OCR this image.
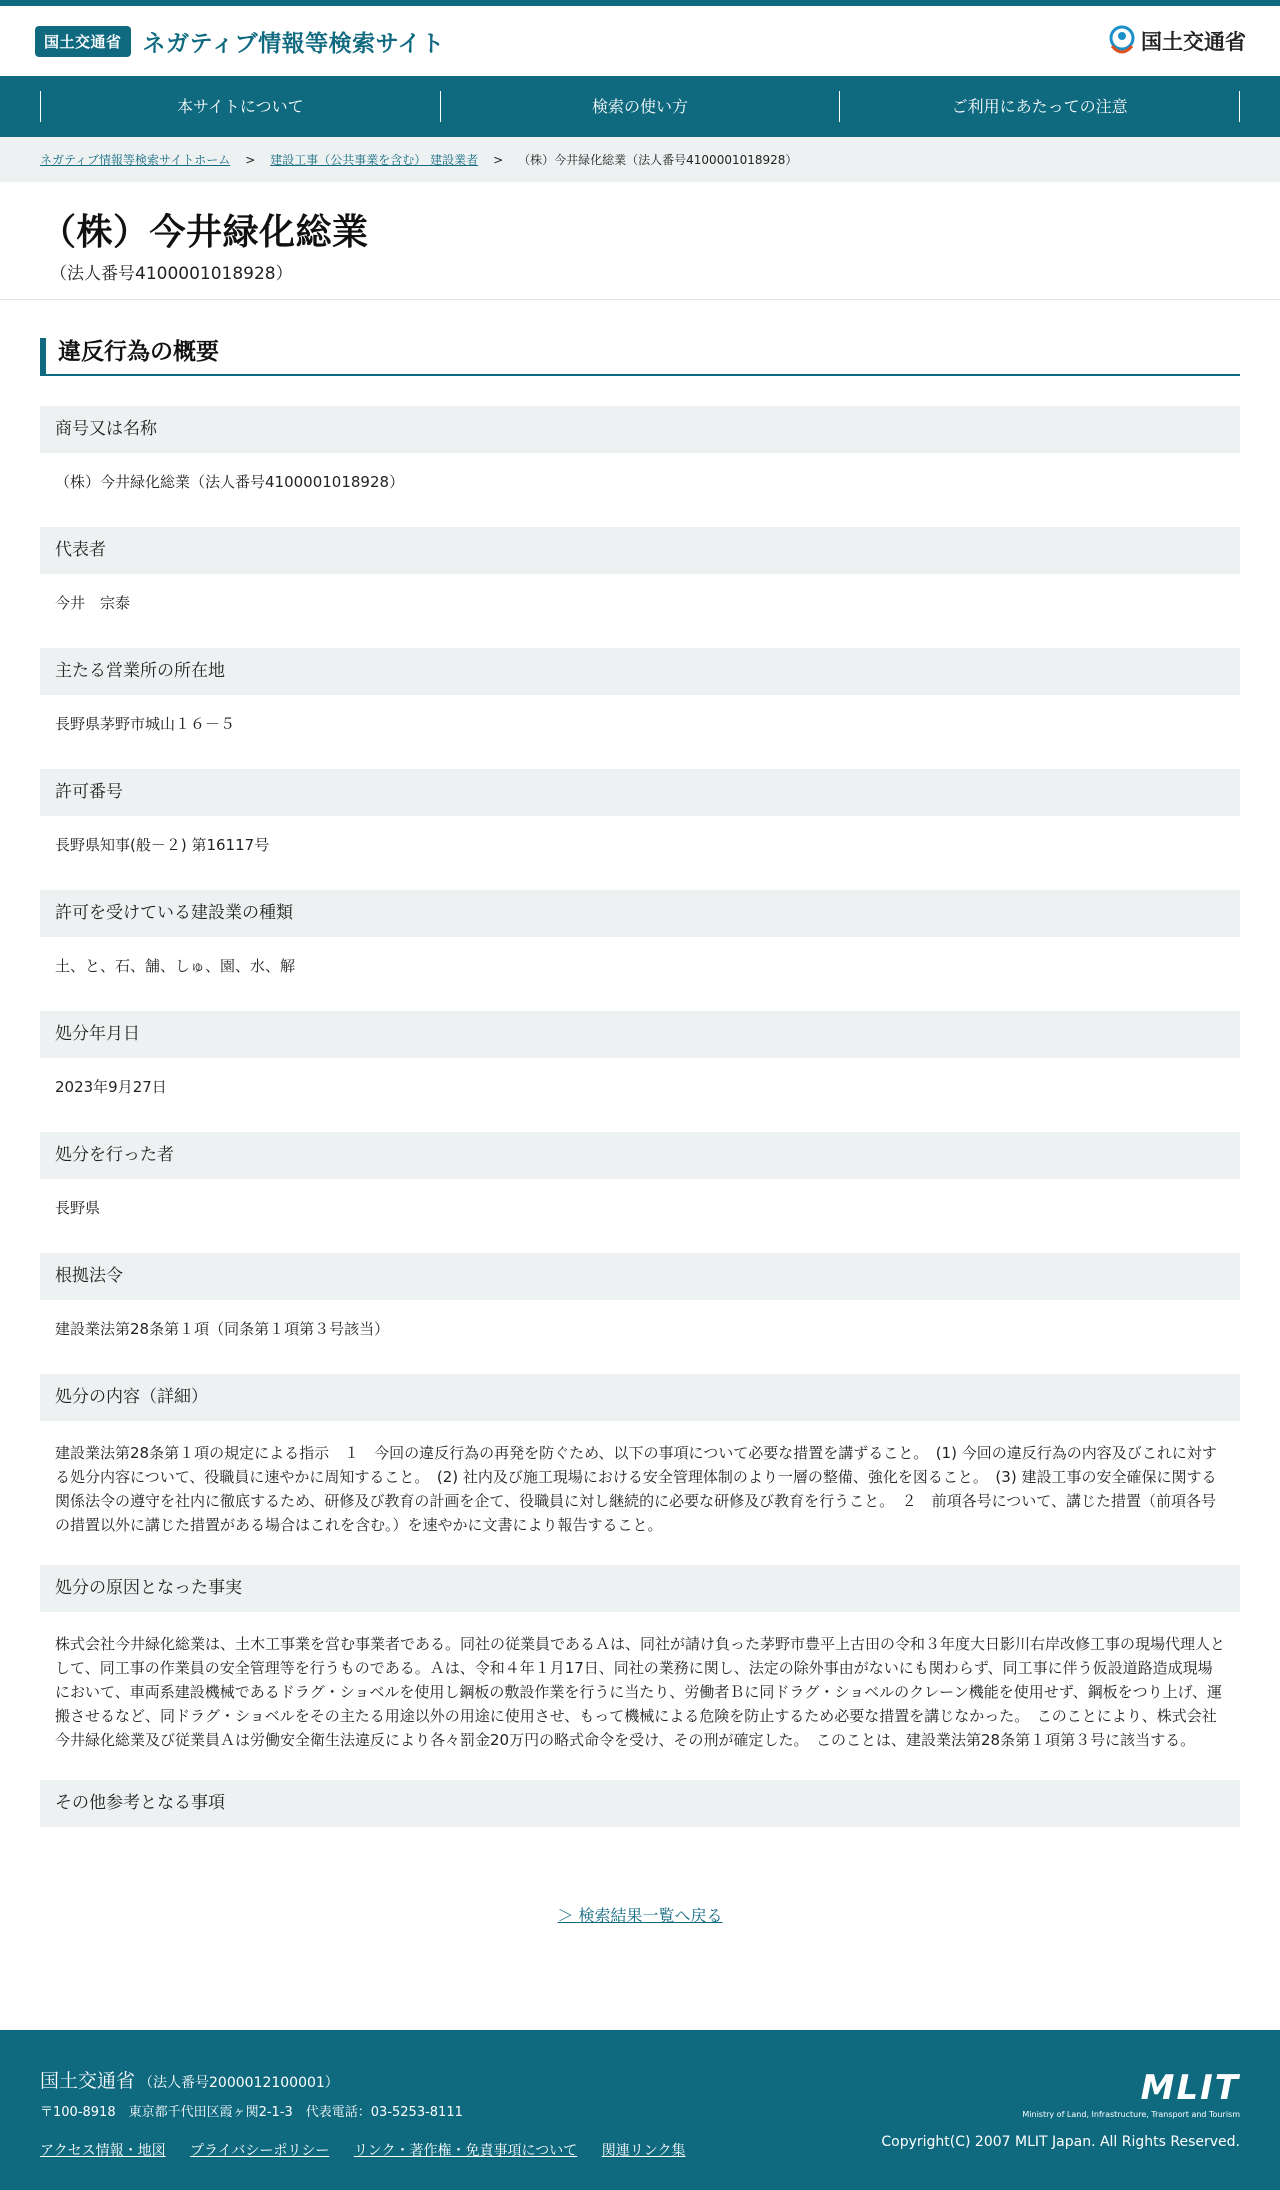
国土交通省 ネガティブ情報等検索サイト	国土交通省
本サイトについて	検索の使い方	ご利用にあたっての注意
ネガティブ情報等検索サイトホーム > 建設工事（公共事業を含む） 建設業者 > （株）今井緑化総業（法人番号4100001018928）
（株）今井緑化総業
（法人番号4100001018928）
違反行為の概要
商号又は名称
（株）今井緑化総業（法人番号4100001018928）
代表者
今井　宗泰
主たる営業所の所在地
長野県茅野市城山１６－５
許可番号
長野県知事(般－２) 第16117号
許可を受けている建設業の種類
土、と、石、舗、しゅ、園、水、解
処分年月日
2023年9月27日
処分を行った者
長野県
根拠法令
建設業法第28条第１項（同条第１項第３号該当）
処分の内容（詳細）
建設業法第28条第１項の規定による指示　１　今回の違反行為の再発を防ぐため、以下の事項について必要な措置を講ずること。　(1) 今回の違反行為の内容及びこれに対する処分内容について、役職員に速やかに周知すること。　(2) 社内及び施工現場における安全管理体制のより一層の整備、強化を図ること。　(3) 建設工事の安全確保に関する関係法令の遵守を社内に徹底するため、研修及び教育の計画を企て、役職員に対し継続的に必要な研修及び教育を行うこと。　２　前項各号について、講じた措置（前項各号の措置以外に講じた措置がある場合はこれを含む。）を速やかに文書により報告すること。
処分の原因となった事実
株式会社今井緑化総業は、土木工事業を営む事業者である。同社の従業員であるＡは、同社が請け負った茅野市豊平上古田の令和３年度大日影川右岸改修工事の現場代理人として、同工事の作業員の安全管理等を行うものである。Ａは、令和４年１月17日、同社の業務に関し、法定の除外事由がないにも関わらず、同工事に伴う仮設道路造成現場において、車両系建設機械であるドラグ・ショベルを使用し鋼板の敷設作業を行うに当たり、労働者Ｂに同ドラグ・ショベルのクレーン機能を使用せず、鋼板をつり上げ、運搬させるなど、同ドラグ・ショベルをその主たる用途以外の用途に使用させ、もって機械による危険を防止するため必要な措置を講じなかった。　このことにより、株式会社今井緑化総業及び従業員Ａは労働安全衛生法違反により各々罰金20万円の略式命令を受け、その刑が確定した。　このことは、建設業法第28条第１項第３号に該当する。
その他参考となる事項
＞ 検索結果一覧へ戻る
国土交通省 （法人番号2000012100001）
〒100-8918　東京都千代田区霞ヶ関2-1-3　代表電話：03-5253-8111
アクセス情報・地図 プライバシーポリシー リンク・著作権・免責事項について 関連リンク集
MLIT
Ministry of Land, Infrastructure, Transport and Tourism
Copyright(C) 2007 MLIT Japan. All Rights Reserved.
